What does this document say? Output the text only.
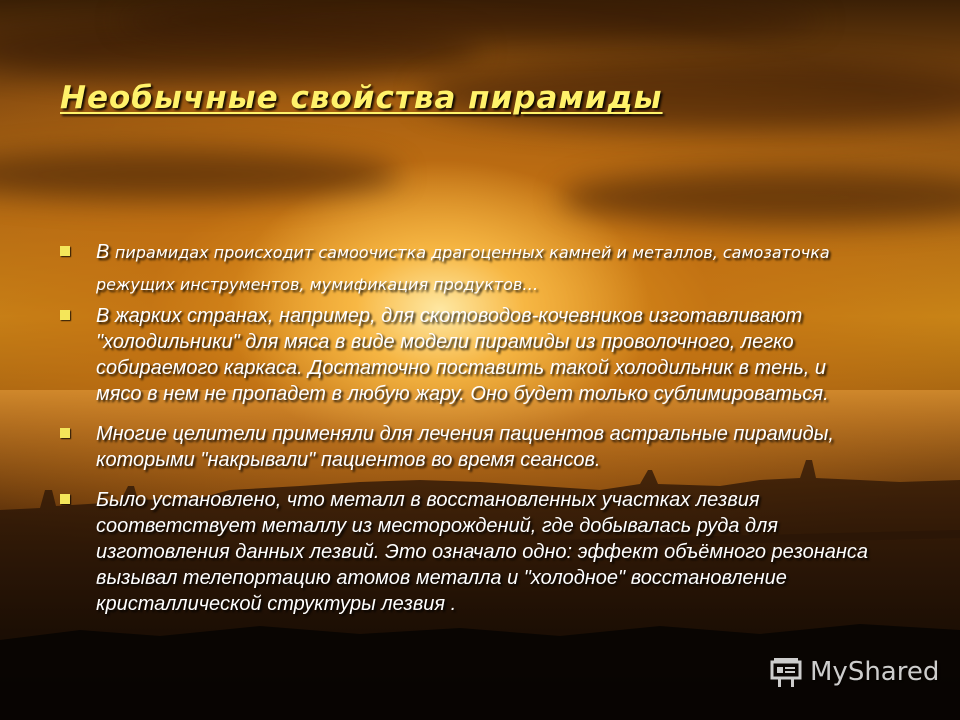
Необычные свойства пирамиды
В пирамидах происходит самоочистка драгоценных камней и металлов, самозаточка режущих инструментов, мумификация продуктов…
В жарких странах, например, для скотоводов-кочевников изготавливают "холодильники" для мяса в виде модели пирамиды из проволочного, легко собираемого каркаса. Достаточно поставить такой холодильник в тень, и мясо в нем не пропадет в любую жару. Оно будет только сублимироваться.
Многие целители применяли для лечения пациентов астральные пирамиды, которыми "накрывали" пациентов во время сеансов.
Было установлено, что металл в восстановленных участках лезвия соответствует металлу из месторождений, где добывалась руда для изготовления данных лезвий. Это означало одно: эффект объёмного резонанса вызывал телепортацию атомов металла и "холодное" восстановление кристаллической структуры лезвия .
MyShared
